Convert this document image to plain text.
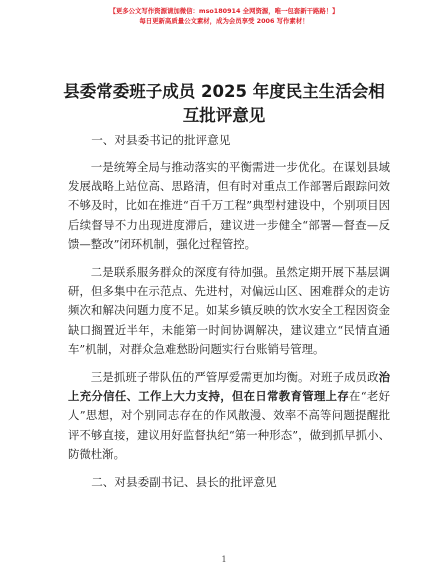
【更多公文写作资源请加微信：mso180914 全网资源，唯一包套新干路路！】
每日更新高质量公文素材，成为会员享受 2006 写作素材！
县委常委班子成员 2025 年度民主生活会相互批评意见

一、对县委书记的批评意见

一是统筹全局与推动落实的平衡需进一步优化。在谋划县域发展战略上站位高、思路清，但有时对重点工作部署后跟踪问效不够及时，比如在推进“百千万工程”典型村建设中，个别项目因后续督导不力出现进度滞后，建议进一步健全“部署—督查—反馈—整改”闭环机制，强化过程管控。

二是联系服务群众的深度有待加强。虽然定期开展下基层调研，但多集中在示范点、先进村，对偏远山区、困难群众的走访频次和解决问题力度不足。如某乡镇反映的饮水安全工程因资金缺口搁置近半年，未能第一时间协调解决，建议建立“民情直通车”机制，对群众急难愁盼问题实行台账销号管理。

三是抓班子带队伍的严管厚爱需更加均衡。对班子成员政治上充分信任、工作上大力支持，但在日常教育管理上存在“老好人”思想，对个别同志存在的作风散漫、效率不高等问题提醒批评不够直接，建议用好监督执纪“第一种形态”，做到抓早抓小、防微杜渐。

二、对县委副书记、县长的批评意见

1
